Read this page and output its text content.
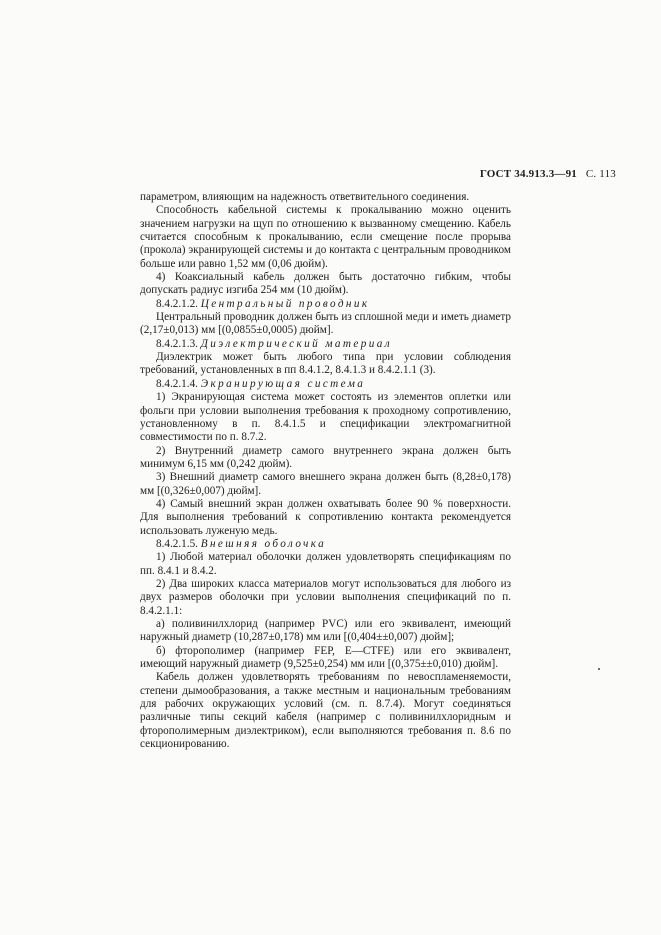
ГОСТ 34.913.3—91 С. 113

параметром, влияющим на надежность ответвительного соединения.

Способность кабельной системы к прокалыванию можно оценить значением нагрузки на щуп по отношению к вызванному смещению. Кабель считается способным к прокалыванию, если смещение после прорыва (прокола) экранирующей системы и до контакта с центральным проводником больше или равно 1,52 мм (0,06 дюйм).

4) Коаксиальный кабель должен быть достаточно гибким, чтобы допускать радиус изгиба 254 мм (10 дюйм).

8.4.2.1.2. Центральный проводник

Центральный проводник должен быть из сплошной меди и иметь диаметр (2,17±0,013) мм [(0,0855±0,0005) дюйм].

8.4.2.1.3. Диэлектрический материал

Диэлектрик может быть любого типа при условии соблюдения требований, установленных в пп 8.4.1.2, 8.4.1.3 и 8.4.2.1.1 (3).

8.4.2.1.4. Экранирующая система

1) Экранирующая система может состоять из элементов оплетки или фольги при условии выполнения требования к проходному сопротивлению, установленному в п. 8.4.1.5 и спецификации электромагнитной совместимости по п. 8.7.2.

2) Внутренний диаметр самого внутреннего экрана должен быть минимум 6,15 мм (0,242 дюйм).

3) Внешний диаметр самого внешнего экрана должен быть (8,28±0,178) мм [(0,326±0,007) дюйм].

4) Самый внешний экран должен охватывать более 90 % поверхности. Для выполнения требований к сопротивлению контакта рекомендуется использовать луженую медь.

8.4.2.1.5. Внешняя оболочка

1) Любой материал оболочки должен удовлетворять спецификациям по пп. 8.4.1 и 8.4.2.

2) Два широких класса материалов могут использоваться для любого из двух размеров оболочки при условии выполнения спецификаций по п. 8.4.2.1.1:

а) поливинилхлорид (например PVC) или его эквивалент, имеющий наружный диаметр (10,287±0,178) мм или [(0,404±±0,007) дюйм];

б) фторополимер (например FEP, E—CTFE) или его эквивалент, имеющий наружный диаметр (9,525±0,254) мм или [(0,375±±0,010) дюйм].

Кабель должен удовлетворять требованиям по невоспламеняемости, степени дымообразования, а также местным и национальным требованиям для рабочих окружающих условий (см. п. 8.7.4). Могут соединяться различные типы секций кабеля (например с поливинилхлоридным и фторополимерным диэлектриком), если выполняются требования п. 8.6 по секционированию.
